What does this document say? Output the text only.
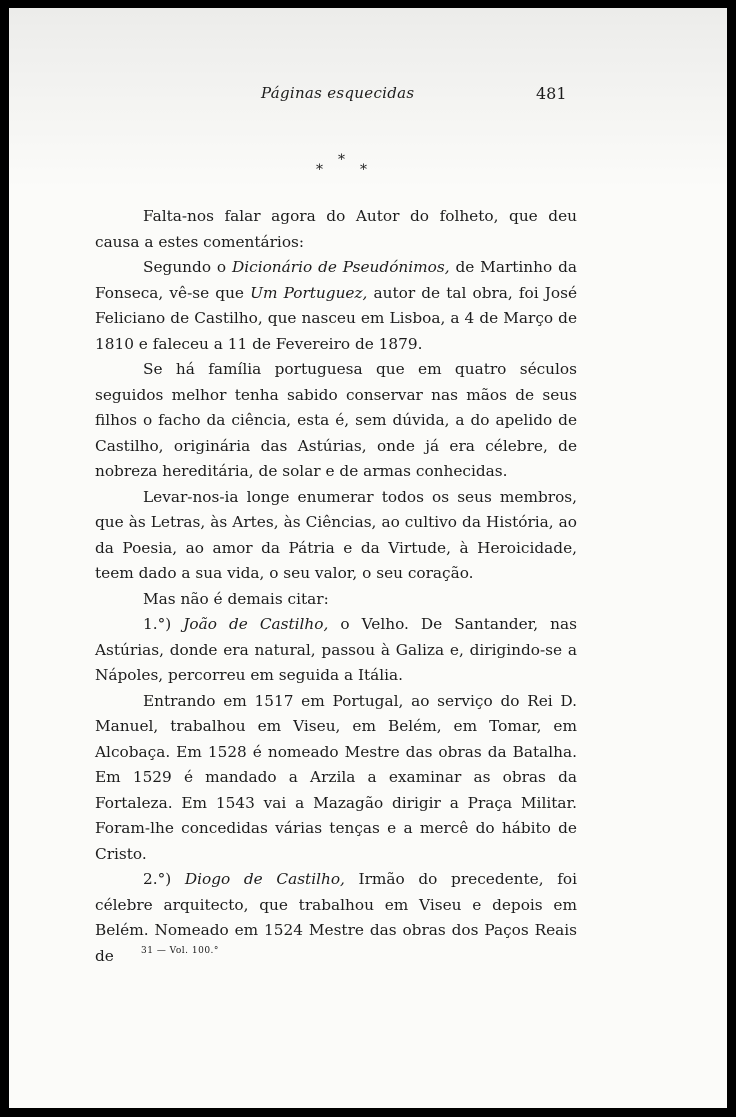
Páginas esquecidas	481
*
*
*

Falta-nos falar agora do Autor do folheto, que deu causa a estes comentários:

Segundo o Dicionário de Pseudónimos, de Martinho da Fonseca, vê-se que Um Portuguez, autor de tal obra, foi José Feliciano de Castilho, que nasceu em Lisboa, a 4 de Março de 1810 e faleceu a 11 de Fevereiro de 1879.

Se há família portuguesa que em quatro séculos seguidos melhor tenha sabido conservar nas mãos de seus filhos o facho da ciência, esta é, sem dúvida, a do apelido de Castilho, originária das Astúrias, onde já era célebre, de nobreza hereditária, de solar e de armas conhecidas.

Levar-nos-ia longe enumerar todos os seus membros, que às Letras, às Artes, às Ciências, ao cultivo da História, ao da Poesia, ao amor da Pátria e da Virtude, à Heroicidade, teem dado a sua vida, o seu valor, o seu coração.

Mas não é demais citar:

1.°) João de Castilho, o Velho. De Santander, nas Astúrias, donde era natural, passou à Galiza e, dirigindo-se a Nápoles, percorreu em seguida a Itália.

Entrando em 1517 em Portugal, ao serviço do Rei D. Manuel, trabalhou em Viseu, em Belém, em Tomar, em Alcobaça. Em 1528 é nomeado Mestre das obras da Batalha. Em 1529 é mandado a Arzila a examinar as obras da Fortaleza. Em 1543 vai a Mazagão dirigir a Praça Militar. Foram-lhe concedidas várias tenças e a mercê do hábito de Cristo.

2.°) Diogo de Castilho, Irmão do precedente, foi célebre arquitecto, que trabalhou em Viseu e depois em Belém. Nomeado em 1524 Mestre das obras dos Paços Reais de	31 — Vol. 100.°
